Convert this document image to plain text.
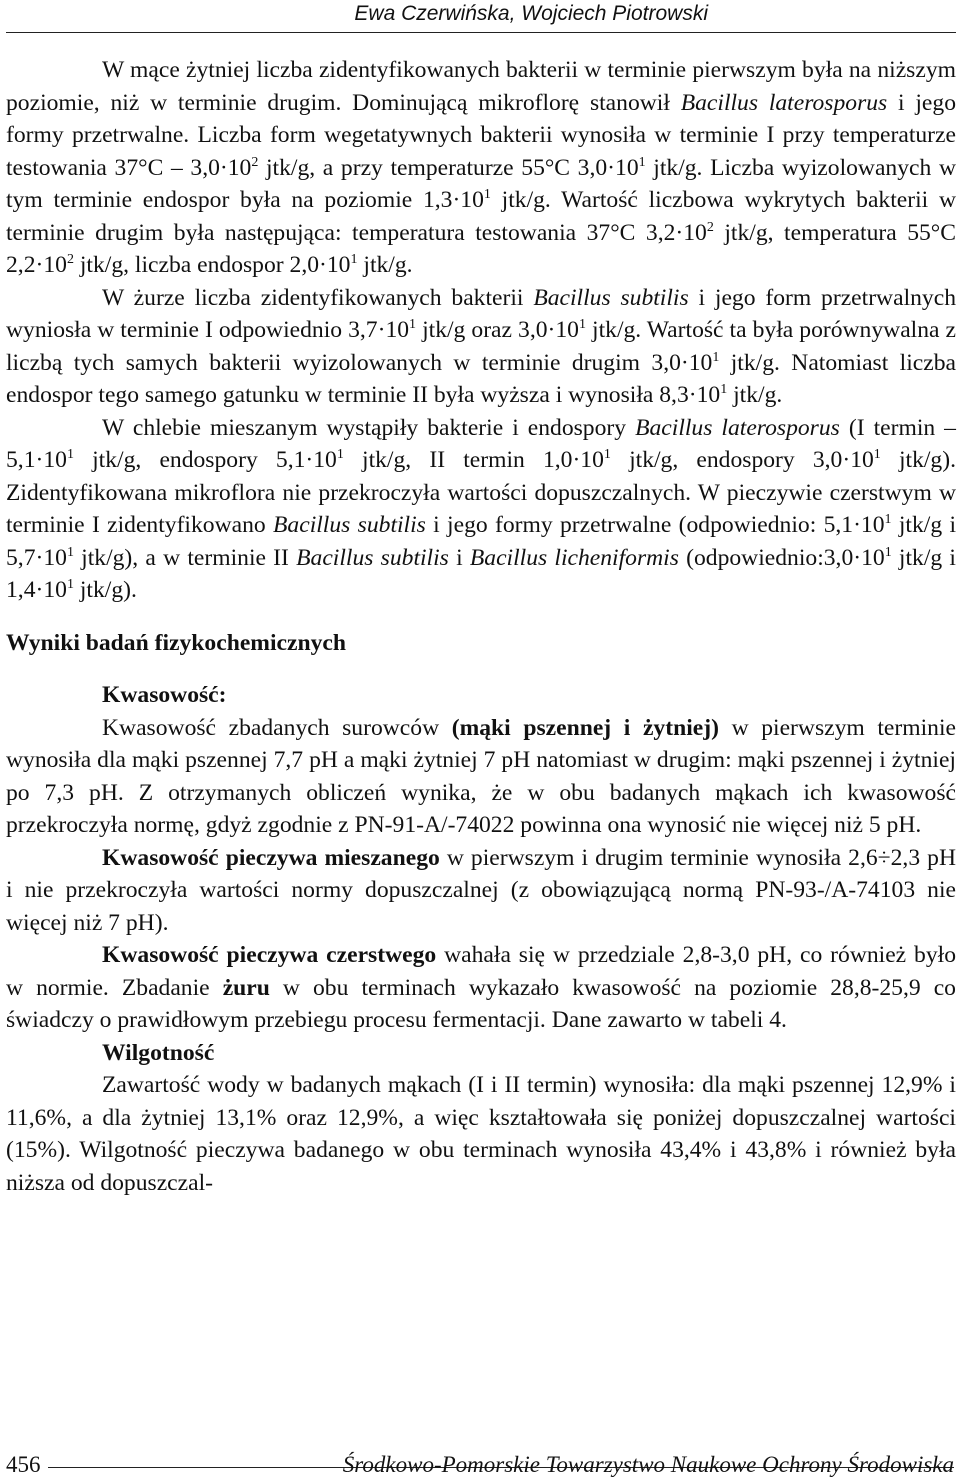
Ewa Czerwińska, Wojciech Piotrowski

W mące żytniej liczba zidentyfikowanych bakterii w terminie pierwszym była na niższym poziomie, niż w terminie drugim. Dominującą mikroflorę stanowił Bacillus laterosporus i jego formy przetrwalne. Liczba form wegetatywnych bakterii wynosiła w terminie I przy temperaturze testowania $37^\circ C - 3,0\cdot 10^2$ jtk/g, a przy temperaturze 55°C $3,0\cdot 10^1$ jtk/g. Liczba wyizolowanych w tym terminie endospor była na poziomie $1,3\cdot 10^1$ jtk/g. Wartość liczbowa wykrytych bakterii w terminie drugim była następująca: temperatura testowania 37°C $3,2\cdot 10^2$ jtk/g, temperatura 55°C $2,2\cdot 10^2$ jtk/g, liczba endospor $2,0\cdot 10^1$ jtk/g.

W żurze liczba zidentyfikowanych bakterii Bacillus subtilis i jego form przetrwalnych wyniosła w terminie I odpowiednio $3,7\cdot 10^1$ jtk/g oraz $3,0\cdot 10^1$ jtk/g. Wartość ta była porównywalna z liczbą tych samych bakterii wyizolowanych w terminie drugim $3,0\cdot 10^1$ jtk/g. Natomiast liczba endospor tego samego gatunku w terminie II była wyższa i wynosiła $8,3\cdot 10^1$ jtk/g.

W chlebie mieszanym wystąpiły bakterie i endospory Bacillus laterosporus (I $termin - 5,1\cdot 10^1$ jtk/g, endospory $5,1\cdot 10^1$ jtk/g, II termin $1,0\cdot 10^1$ jtk/g, endospory $3,0\cdot 10^1$ jtk/g). Zidentyfikowana mikroflora nie przekroczyła wartości dopuszczalnych. W pieczywie czerstwym w terminie I zidentyfikowano Bacillus subtilis i jego formy przetrwalne (odpowiednio: $5,1\cdot 10^1$ jtk/g i $5,7\cdot 10^1$ jtk/g), a w terminie II Bacillus subtilis i Bacillus licheniformis ($odpowiednio:3,0\cdot 10^1$ jtk/g i $1,4\cdot 10^1$ jtk/g).

Wyniki badań fizykochemicznych

Kwasowość:

Kwasowość zbadanych surowców (mąki pszennej i żytniej) w pierwszym terminie wynosiła dla mąki pszennej 7,7 pH a mąki żytniej 7 pH natomiast w drugim: mąki pszennej i żytniej po 7,3 pH. Z otrzymanych obliczeń wynika, że w obu badanych mąkach ich kwasowość przekroczyła normę, gdyż zgodnie z PN-91-A/-74022 powinna ona wynosić nie więcej niż 5 pH.

Kwasowość pieczywa mieszanego w pierwszym i drugim terminie wynosiła 2,6÷2,3 pH i nie przekroczyła wartości normy dopuszczalnej (z obowiązującą normą PN-93-/A-74103 nie więcej niż 7 pH).

Kwasowość pieczywa czerstwego wahała się w przedziale 2,8-3,0 pH, co również było w normie. Zbadanie żuru w obu terminach wykazało kwasowość na poziomie 28,8-25,9 co świadczy o prawidłowym przebiegu procesu fermentacji. Dane zawarto w tabeli 4.

Wilgotność

Zawartość wody w badanych mąkach (I i II termin) wynosiła: dla mąki pszennej 12,9% i 11,6%, a dla żytniej 13,1% oraz 12,9%, a więc kształtowała się poniżej dopuszczalnej wartości (15%). Wilgotność pieczywa badanego w obu terminach wynosiła 43,4% i 43,8% i również była niższa od dopuszczal-

456	Środkowo-Pomorskie Towarzystwo Naukowe Ochrony Środowiska
